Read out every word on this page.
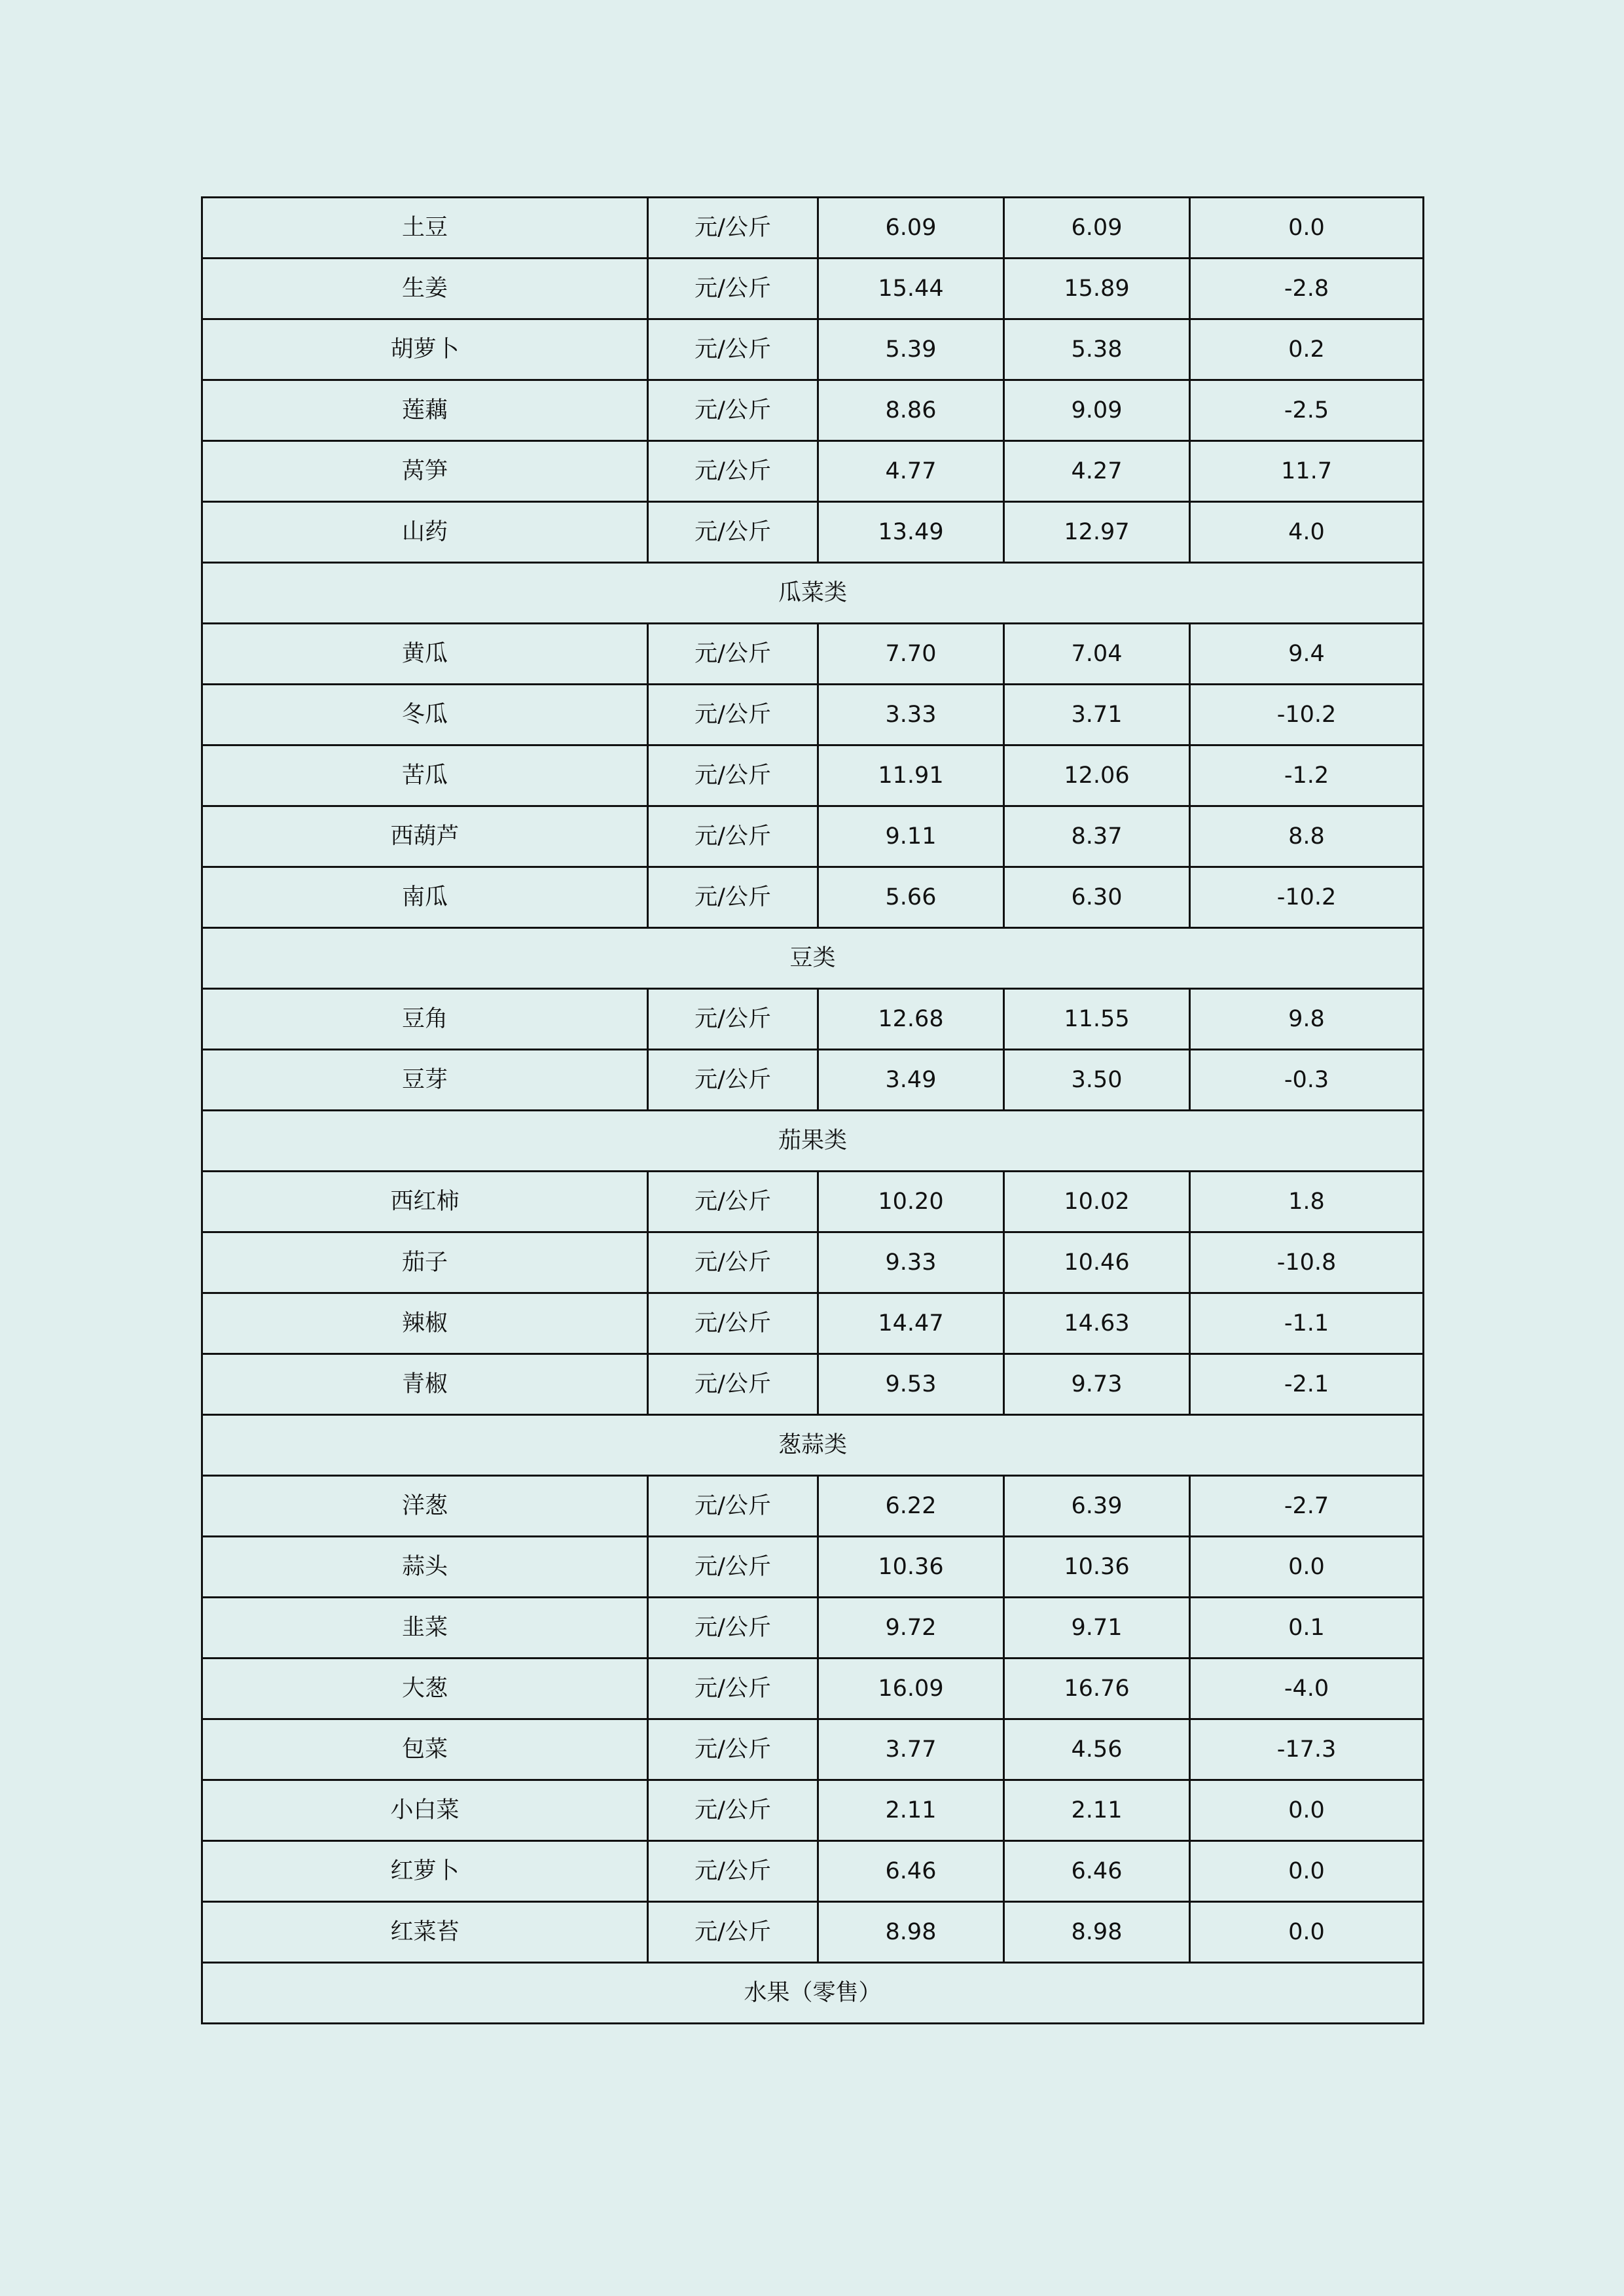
土豆	元/公斤	6.09	6.09	0.0
生姜	元/公斤	15.44	15.89	-2.8
胡萝卜	元/公斤	5.39	5.38	0.2
莲藕	元/公斤	8.86	9.09	-2.5
莴笋	元/公斤	4.77	4.27	11.7
山药	元/公斤	13.49	12.97	4.0
瓜菜类				
黄瓜	元/公斤	7.70	7.04	9.4
冬瓜	元/公斤	3.33	3.71	-10.2
苦瓜	元/公斤	11.91	12.06	-1.2
西葫芦	元/公斤	9.11	8.37	8.8
南瓜	元/公斤	5.66	6.30	-10.2
豆类				
豆角	元/公斤	12.68	11.55	9.8
豆芽	元/公斤	3.49	3.50	-0.3
茄果类				
西红柿	元/公斤	10.20	10.02	1.8
茄子	元/公斤	9.33	10.46	-10.8
辣椒	元/公斤	14.47	14.63	-1.1
青椒	元/公斤	9.53	9.73	-2.1
葱蒜类				
洋葱	元/公斤	6.22	6.39	-2.7
蒜头	元/公斤	10.36	10.36	0.0
韭菜	元/公斤	9.72	9.71	0.1
大葱	元/公斤	16.09	16.76	-4.0
包菜	元/公斤	3.77	4.56	-17.3
小白菜	元/公斤	2.11	2.11	0.0
红萝卜	元/公斤	6.46	6.46	0.0
红菜苔	元/公斤	8.98	8.98	0.0
水果（零售）				
